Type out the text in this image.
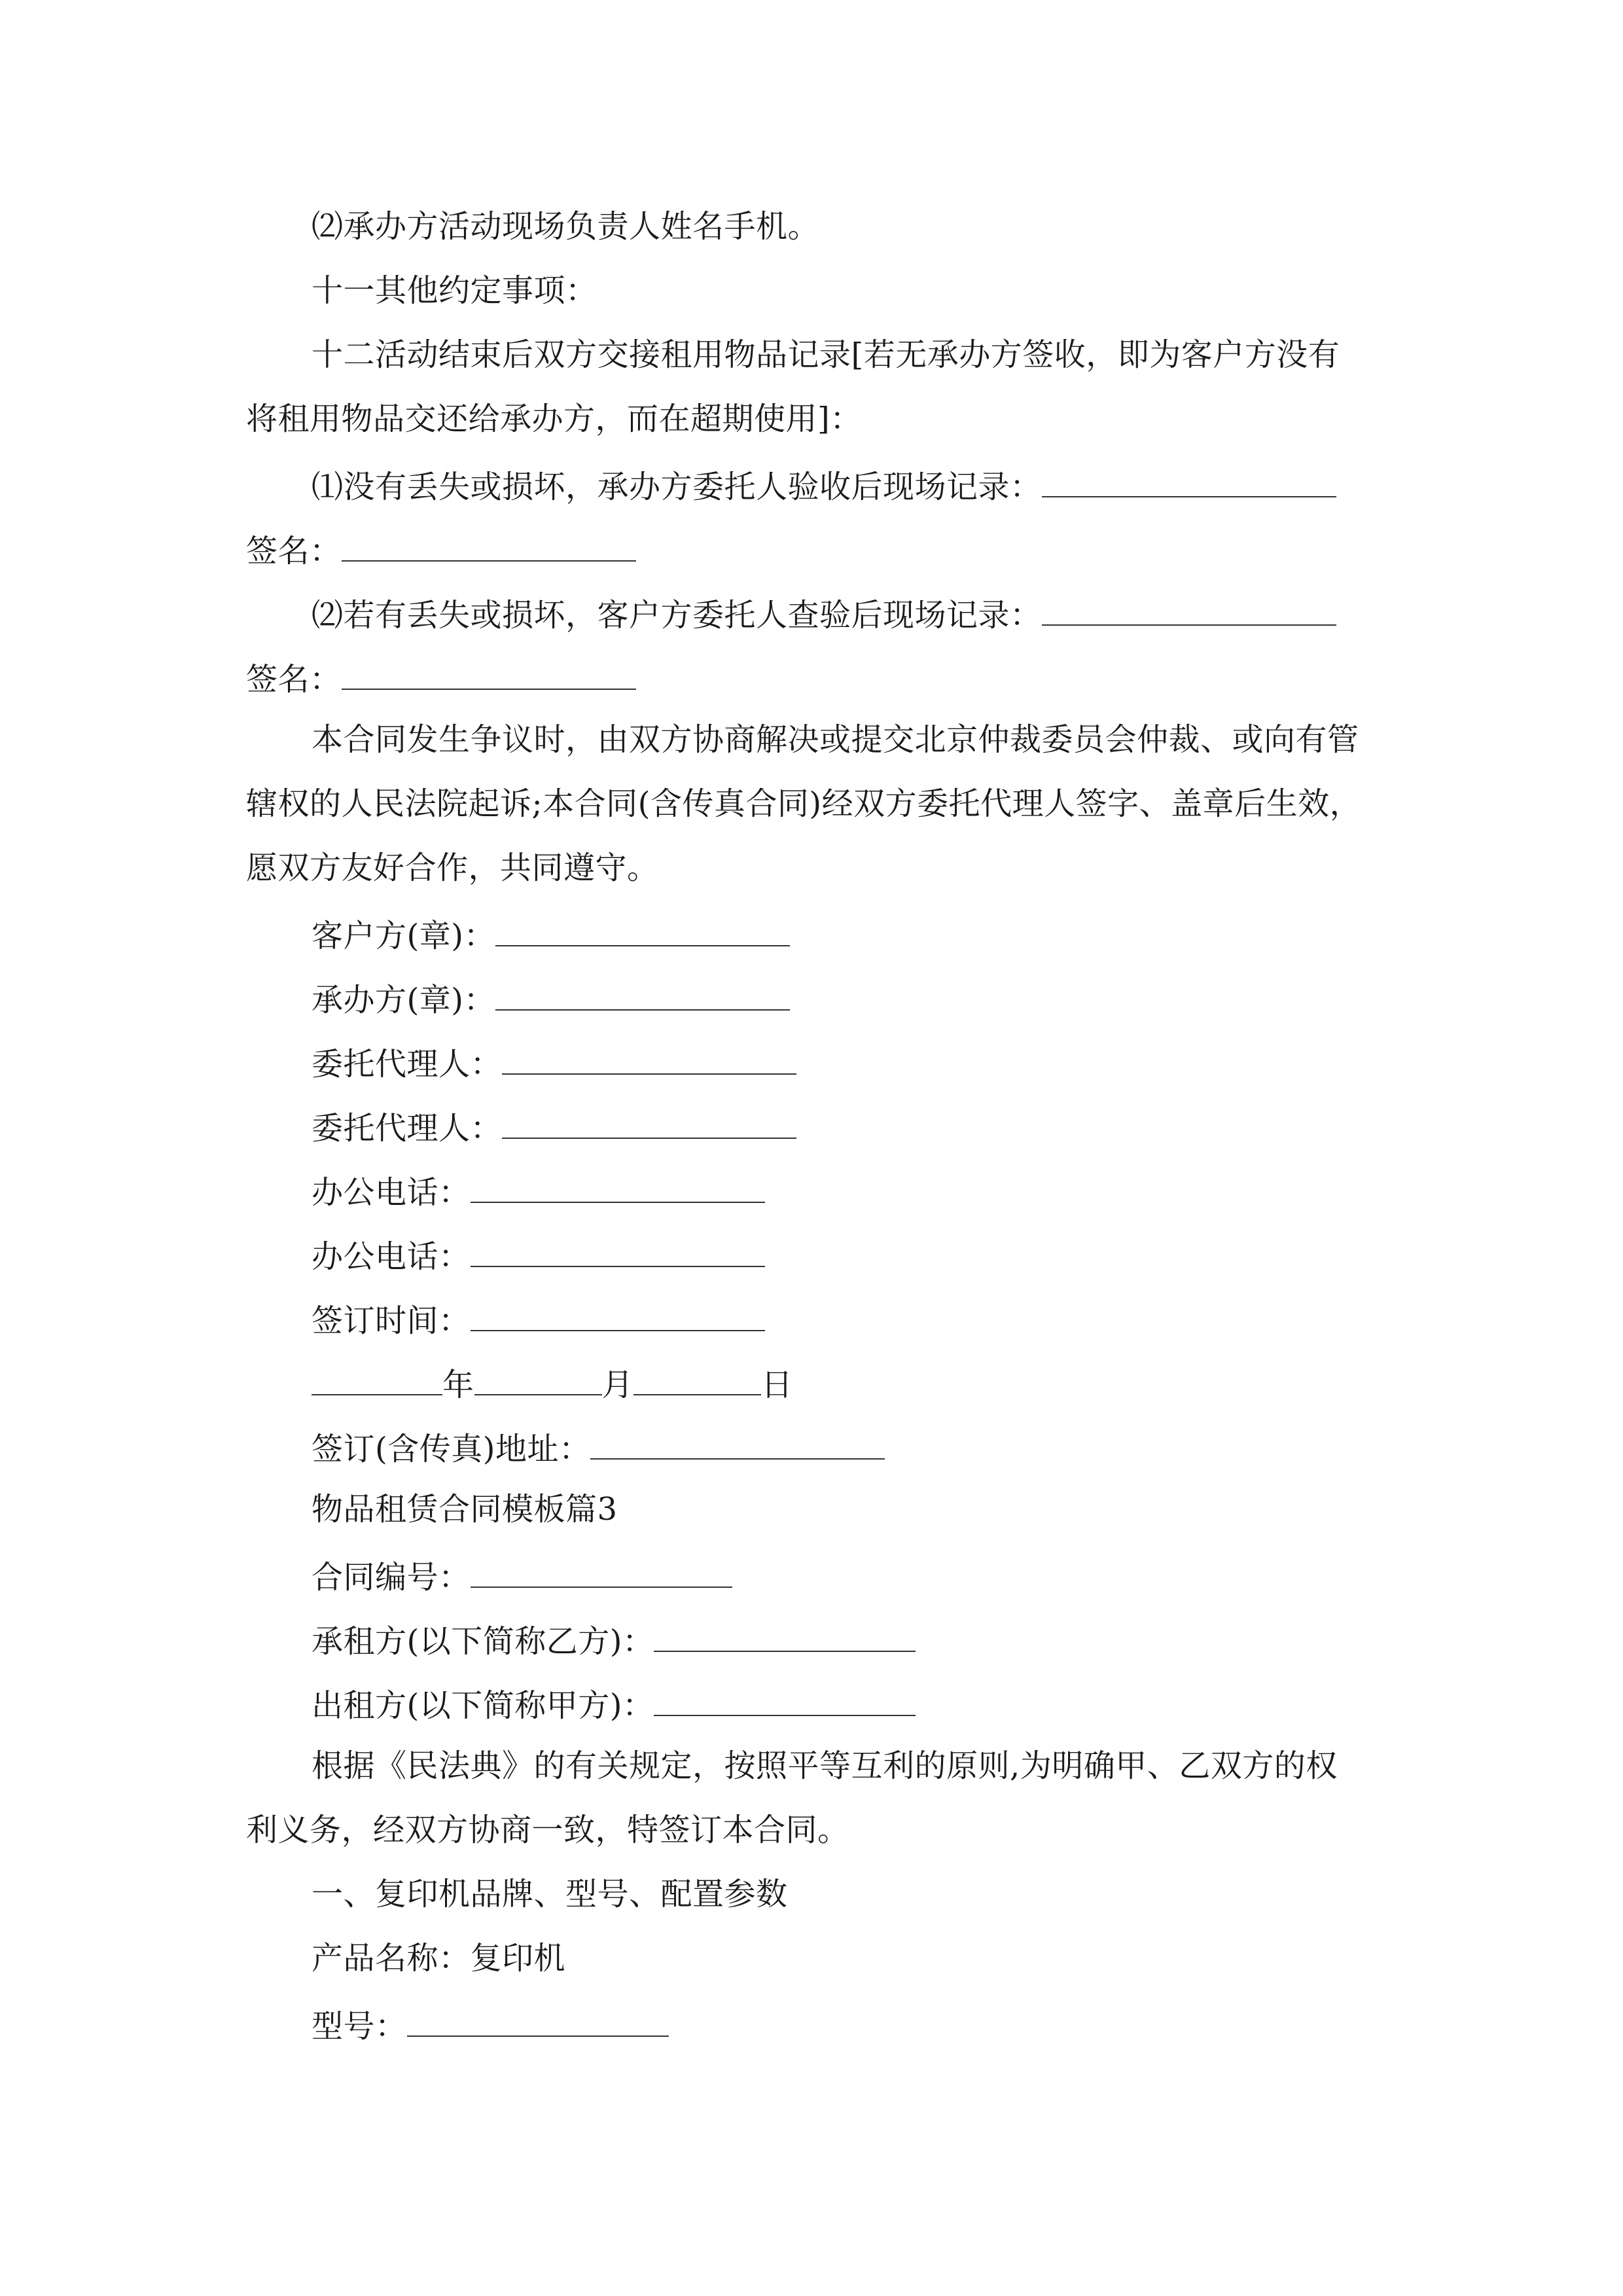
⑵承办方活动现场负责人姓名手机。
十一其他约定事项：
十二活动结束后双方交接租用物品记录[若无承办方签收，即为客户方没有
将租用物品交还给承办方，而在超期使用]：
⑴没有丢失或损坏，承办方委托人验收后现场记录：
签名：
⑵若有丢失或损坏，客户方委托人查验后现场记录：
签名：
本合同发生争议时，由双方协商解决或提交北京仲裁委员会仲裁、或向有管
辖权的人民法院起诉;本合同(含传真合同)经双方委托代理人签字、盖章后生效，
愿双方友好合作，共同遵守。
客户方(章)：
承办方(章)：
委托代理人：
委托代理人：
办公电话：
办公电话：
签订时间：
年	月	日
签订(含传真)地址：
物品租赁合同模板篇3
合同编号：
承租方(以下简称乙方)：
出租方(以下简称甲方)：
根据《民法典》的有关规定，按照平等互利的原则,为明确甲、乙双方的权
利义务，经双方协商一致，特签订本合同。
一、复印机品牌、型号、配置参数
产品名称：复印机
型号：
